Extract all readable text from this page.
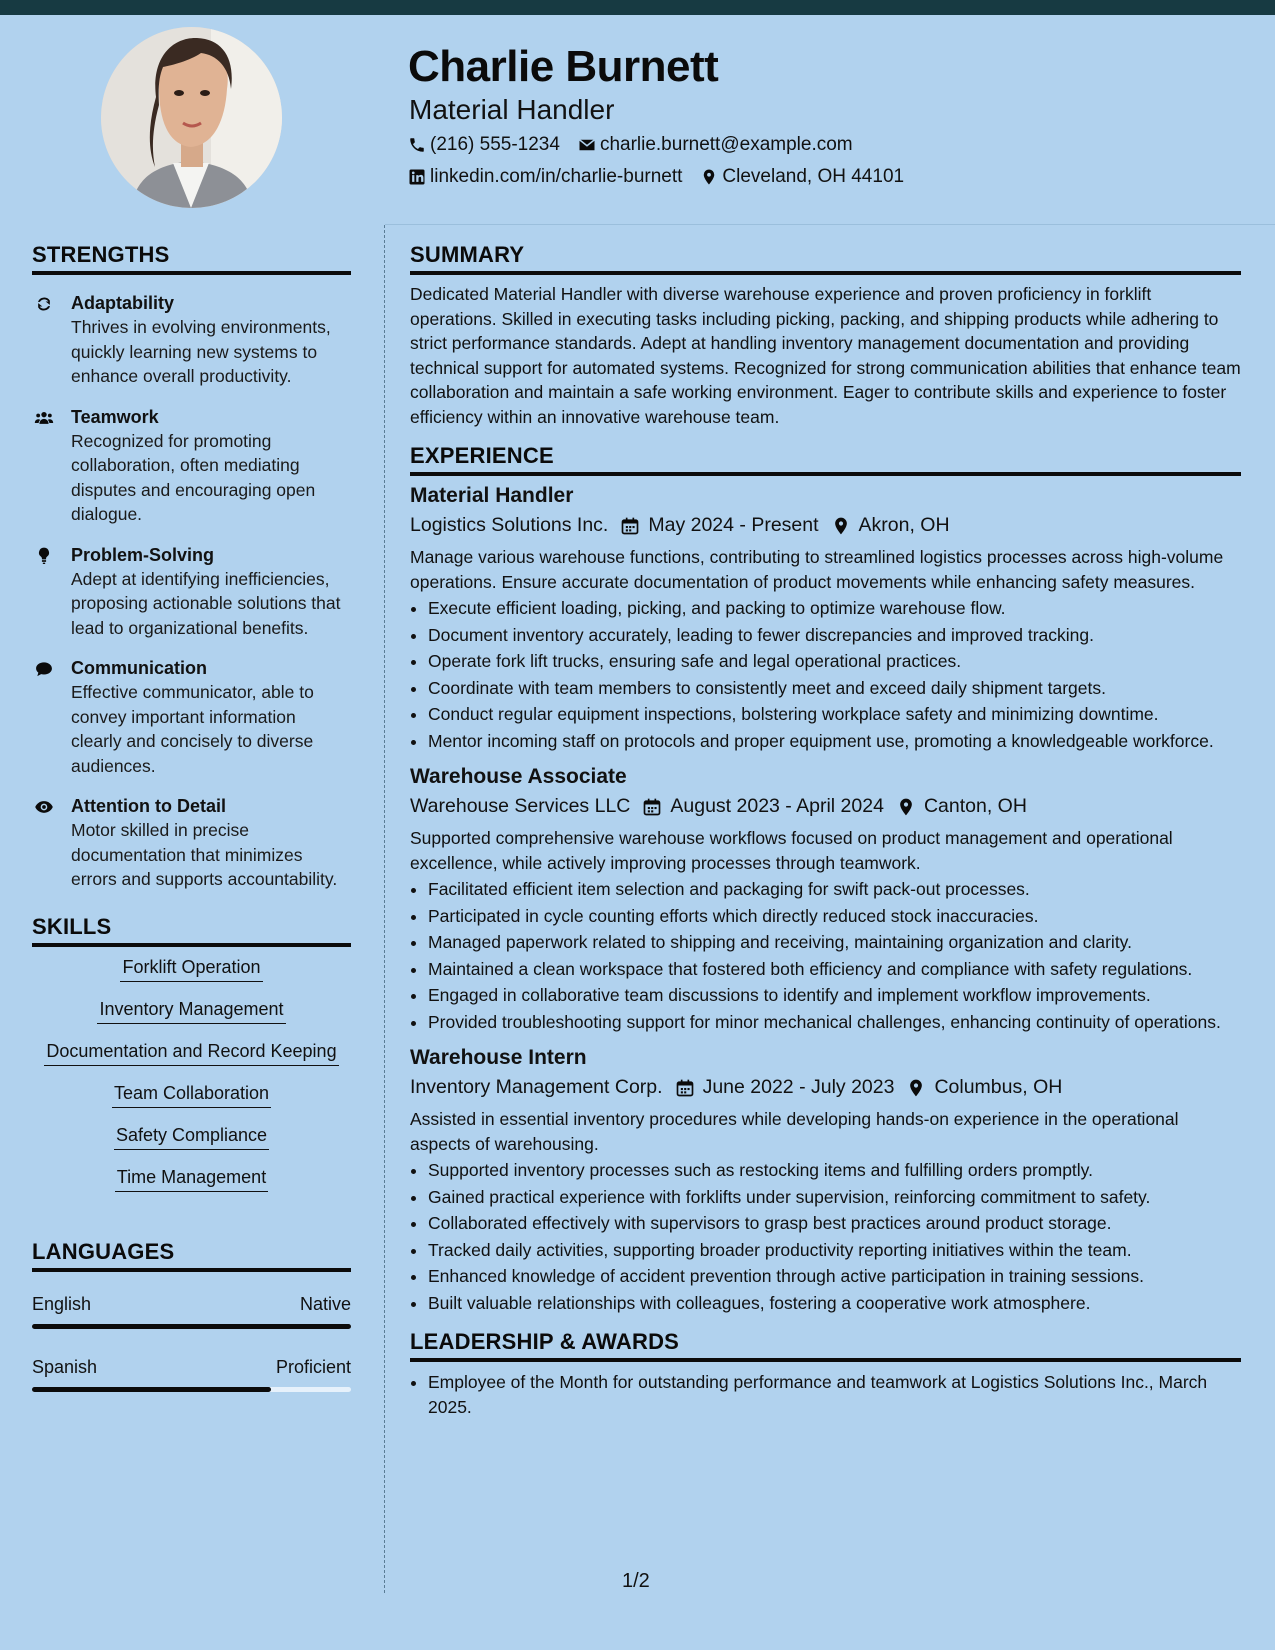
Charlie Burnett
Material Handler
(216) 555-1234 charlie.burnett@example.com
linkedin.com/in/charlie-burnett Cleveland, OH 44101
STRENGTHS
Adaptability
Thrives in evolving environments, quickly learning new systems to enhance overall productivity.
Teamwork
Recognized for promoting collaboration, often mediating disputes and encouraging open dialogue.
Problem-Solving
Adept at identifying inefficiencies, proposing actionable solutions that lead to organizational benefits.
Communication
Effective communicator, able to convey important information clearly and concisely to diverse audiences.
Attention to Detail
Motor skilled in precise documentation that minimizes errors and supports accountability.
SKILLS
Forklift Operation
Inventory Management
Documentation and Record Keeping
Team Collaboration
Safety Compliance
Time Management
LANGUAGES
English	Native
Spanish	Proficient
SUMMARY
Dedicated Material Handler with diverse warehouse experience and proven proficiency in forklift operations. Skilled in executing tasks including picking, packing, and shipping products while adhering to strict performance standards. Adept at handling inventory management documentation and providing technical support for automated systems. Recognized for strong communication abilities that enhance team collaboration and maintain a safe working environment. Eager to contribute skills and experience to foster efficiency within an innovative warehouse team.
EXPERIENCE
Material Handler
Logistics Solutions Inc. May 2024 - Present Akron, OH
Manage various warehouse functions, contributing to streamlined logistics processes across high-volume operations. Ensure accurate documentation of product movements while enhancing safety measures.
• Execute efficient loading, picking, and packing to optimize warehouse flow.
• Document inventory accurately, leading to fewer discrepancies and improved tracking.
• Operate fork lift trucks, ensuring safe and legal operational practices.
• Coordinate with team members to consistently meet and exceed daily shipment targets.
• Conduct regular equipment inspections, bolstering workplace safety and minimizing downtime.
• Mentor incoming staff on protocols and proper equipment use, promoting a knowledgeable workforce.
Warehouse Associate
Warehouse Services LLC August 2023 - April 2024 Canton, OH
Supported comprehensive warehouse workflows focused on product management and operational excellence, while actively improving processes through teamwork.
• Facilitated efficient item selection and packaging for swift pack-out processes.
• Participated in cycle counting efforts which directly reduced stock inaccuracies.
• Managed paperwork related to shipping and receiving, maintaining organization and clarity.
• Maintained a clean workspace that fostered both efficiency and compliance with safety regulations.
• Engaged in collaborative team discussions to identify and implement workflow improvements.
• Provided troubleshooting support for minor mechanical challenges, enhancing continuity of operations.
Warehouse Intern
Inventory Management Corp. June 2022 - July 2023 Columbus, OH
Assisted in essential inventory procedures while developing hands-on experience in the operational aspects of warehousing.
• Supported inventory processes such as restocking items and fulfilling orders promptly.
• Gained practical experience with forklifts under supervision, reinforcing commitment to safety.
• Collaborated effectively with supervisors to grasp best practices around product storage.
• Tracked daily activities, supporting broader productivity reporting initiatives within the team.
• Enhanced knowledge of accident prevention through active participation in training sessions.
• Built valuable relationships with colleagues, fostering a cooperative work atmosphere.
LEADERSHIP & AWARDS
• Employee of the Month for outstanding performance and teamwork at Logistics Solutions Inc., March 2025.
1/2
